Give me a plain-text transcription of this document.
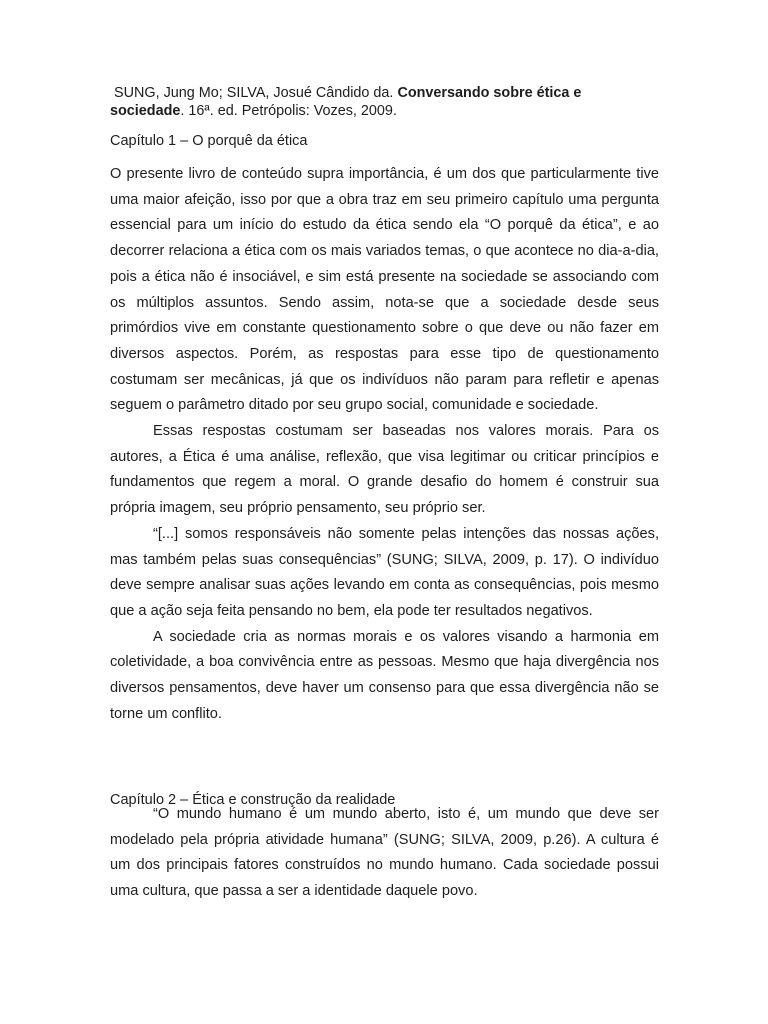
SUNG, Jung Mo; SILVA, Josué Cândido da. Conversando sobre ética e sociedade. 16ª. ed. Petrópolis: Vozes, 2009.

Capítulo 1 – O porquê da ética

O presente livro de conteúdo supra importância, é um dos que particularmente tive uma maior afeição, isso por que a obra traz em seu primeiro capítulo uma pergunta essencial para um início do estudo da ética sendo ela “O porquê da ética”, e ao decorrer relaciona a ética com os mais variados temas, o que acontece no dia-a-dia, pois a ética não é insociável, e sim está presente na sociedade se associando com os múltiplos assuntos. Sendo assim, nota-se que a sociedade desde seus primórdios vive em constante questionamento sobre o que deve ou não fazer em diversos aspectos. Porém, as respostas para esse tipo de questionamento costumam ser mecânicas, já que os indivíduos não param para refletir e apenas seguem o parâmetro ditado por seu grupo social, comunidade e sociedade.

Essas respostas costumam ser baseadas nos valores morais. Para os autores, a Ética é uma análise, reflexão, que visa legitimar ou criticar princípios e fundamentos que regem a moral. O grande desafio do homem é construir sua própria imagem, seu próprio pensamento, seu próprio ser.

“[...] somos responsáveis não somente pelas intenções das nossas ações, mas também pelas suas consequências” (SUNG; SILVA, 2009, p. 17). O indivíduo deve sempre analisar suas ações levando em conta as consequências, pois mesmo que a ação seja feita pensando no bem, ela pode ter resultados negativos.

A sociedade cria as normas morais e os valores visando a harmonia em coletividade, a boa convivência entre as pessoas. Mesmo que haja divergência nos diversos pensamentos, deve haver um consenso para que essa divergência não se torne um conflito.

Capítulo 2 – Ética e construção da realidade

“O mundo humano é um mundo aberto, isto é, um mundo que deve ser modelado pela própria atividade humana” (SUNG; SILVA, 2009, p.26). A cultura é um dos principais fatores construídos no mundo humano. Cada sociedade possui uma cultura, que passa a ser a identidade daquele povo.
